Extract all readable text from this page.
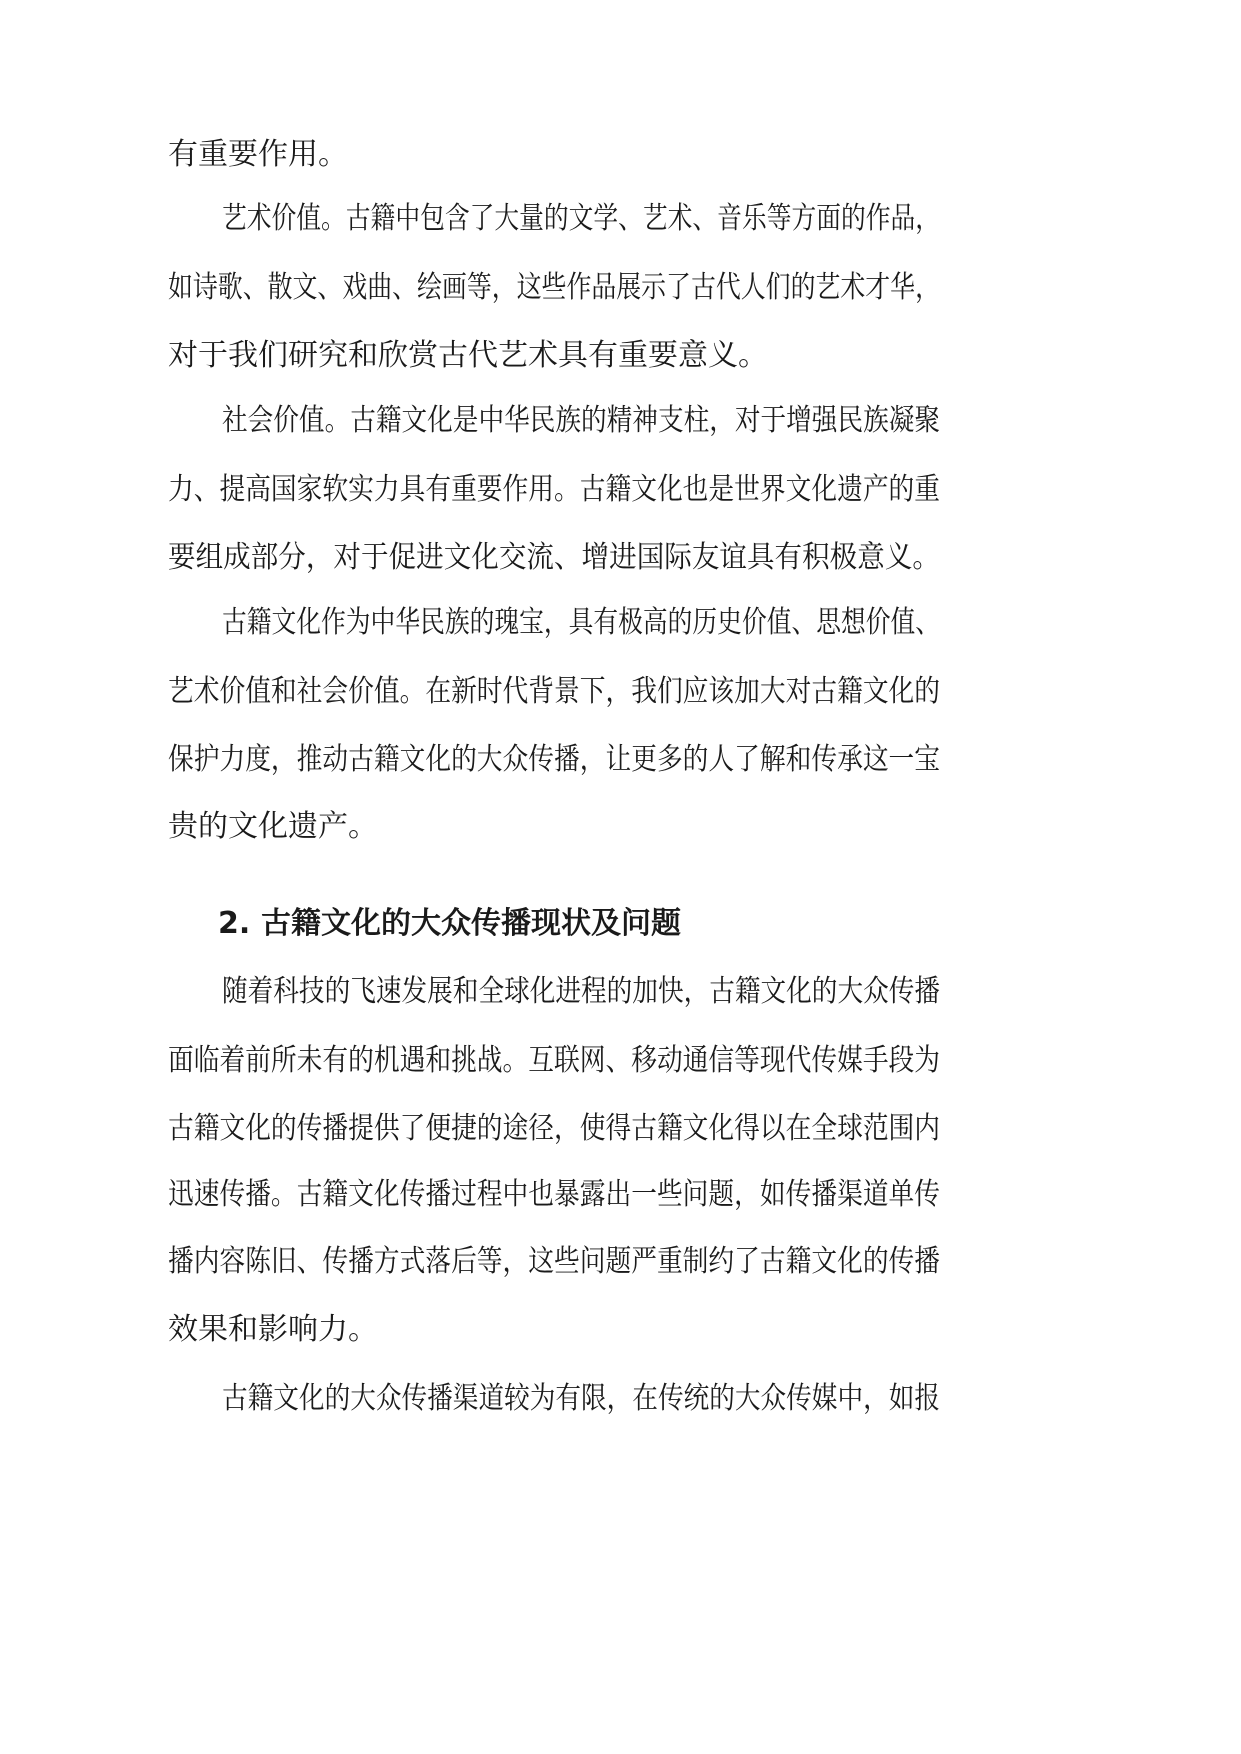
有重要作用。
艺术价值。古籍中包含了大量的文学、艺术、音乐等方面的作品，
如诗歌、散文、戏曲、绘画等，这些作品展示了古代人们的艺术才华，
对于我们研究和欣赏古代艺术具有重要意义。
社会价值。古籍文化是中华民族的精神支柱，对于增强民族凝聚
力、提高国家软实力具有重要作用。古籍文化也是世界文化遗产的重
要组成部分，对于促进文化交流、增进国际友谊具有积极意义。
古籍文化作为中华民族的瑰宝，具有极高的历史价值、思想价值、
艺术价值和社会价值。在新时代背景下，我们应该加大对古籍文化的
保护力度，推动古籍文化的大众传播，让更多的人了解和传承这一宝
贵的文化遗产。
2. 古籍文化的大众传播现状及问题
随着科技的飞速发展和全球化进程的加快，古籍文化的大众传播
面临着前所未有的机遇和挑战。互联网、移动通信等现代传媒手段为
古籍文化的传播提供了便捷的途径，使得古籍文化得以在全球范围内
迅速传播。古籍文化传播过程中也暴露出一些问题，如传播渠道单传
播内容陈旧、传播方式落后等，这些问题严重制约了古籍文化的传播
效果和影响力。
古籍文化的大众传播渠道较为有限，在传统的大众传媒中，如报
